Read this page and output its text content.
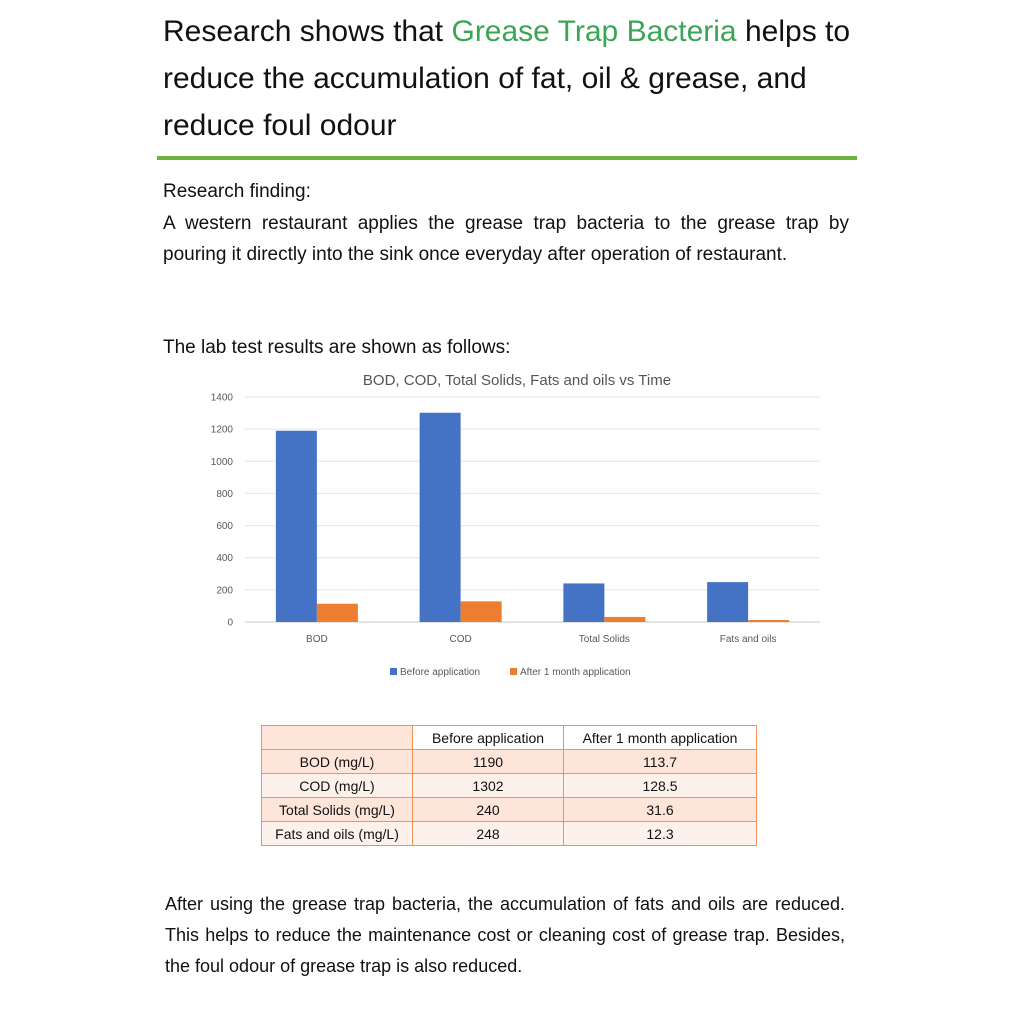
Research shows that Grease Trap Bacteria helps to reduce the accumulation of fat, oil & grease, and reduce foul odour
Research finding:
A western restaurant applies the grease trap bacteria to the grease trap by pouring it directly into the sink once everyday after operation of restaurant.
The lab test results are shown as follows:
BOD, COD, Total Solids, Fats and oils vs Time
0
200
400
600
800
1000
1200
1400
BOD	COD	Total Solids	Fats and oils
Before application	After 1 month application
	Before application	After 1 month application
BOD (mg/L)	1190	113.7
COD (mg/L)	1302	128.5
Total Solids (mg/L)	240	31.6
Fats and oils (mg/L)	248	12.3
After using the grease trap bacteria, the accumulation of fats and oils are reduced. This helps to reduce the maintenance cost or cleaning cost of grease trap. Besides, the foul odour of grease trap is also reduced.
